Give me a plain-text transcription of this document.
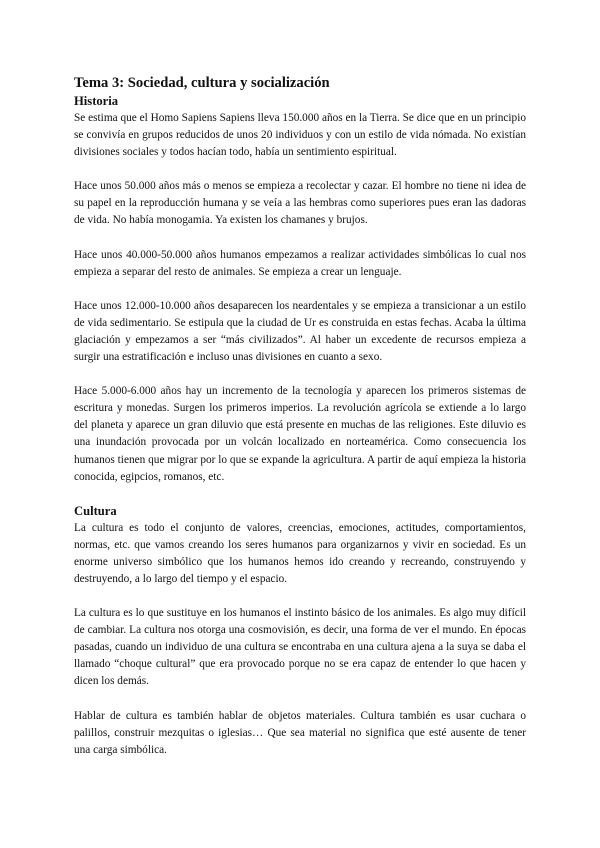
Tema 3: Sociedad, cultura y socialización
Historia

Se estima que el Homo Sapiens Sapiens lleva 150.000 años en la Tierra. Se dice que en un principio se convivía en grupos reducidos de unos 20 individuos y con un estilo de vida nómada. No existían divisiones sociales y todos hacían todo, había un sentimiento espiritual.

Hace unos 50.000 años más o menos se empieza a recolectar y cazar. El hombre no tiene ni idea de su papel en la reproducción humana y se veía a las hembras como superiores pues eran las dadoras de vida. No había monogamia. Ya existen los chamanes y brujos.

Hace unos 40.000-50.000 años humanos empezamos a realizar actividades simbólicas lo cual nos empieza a separar del resto de animales. Se empieza a crear un lenguaje.

Hace unos 12.000-10.000 años desaparecen los neardentales y se empieza a transicionar a un estilo de vida sedimentario. Se estipula que la ciudad de Ur es construida en estas fechas. Acaba la última glaciación y empezamos a ser “más civilizados”. Al haber un excedente de recursos empieza a surgir una estratificación e incluso unas divisiones en cuanto a sexo.

Hace 5.000-6.000 años hay un incremento de la tecnología y aparecen los primeros sistemas de escritura y monedas. Surgen los primeros imperios. La revolución agrícola se extiende a lo largo del planeta y aparece un gran diluvio que está presente en muchas de las religiones. Este diluvio es una inundación provocada por un volcán localizado en norteamérica. Como consecuencia los humanos tienen que migrar por lo que se expande la agricultura. A partir de aquí empieza la historia conocida, egipcios, romanos, etc.

Cultura

La cultura es todo el conjunto de valores, creencias, emociones, actitudes, comportamientos, normas, etc. que vamos creando los seres humanos para organizarnos y vivir en sociedad. Es un enorme universo simbólico que los humanos hemos ido creando y recreando, construyendo y destruyendo, a lo largo del tiempo y el espacio.

La cultura es lo que sustituye en los humanos el instinto básico de los animales. Es algo muy difícil de cambiar. La cultura nos otorga una cosmovisión, es decir, una forma de ver el mundo. En épocas pasadas, cuando un individuo de una cultura se encontraba en una cultura ajena a la suya se daba el llamado “choque cultural” que era provocado porque no se era capaz de entender lo que hacen y dicen los demás.

Hablar de cultura es también hablar de objetos materiales. Cultura también es usar cuchara o palillos, construir mezquitas o iglesias… Que sea material no significa que esté ausente de tener una carga simbólica.
